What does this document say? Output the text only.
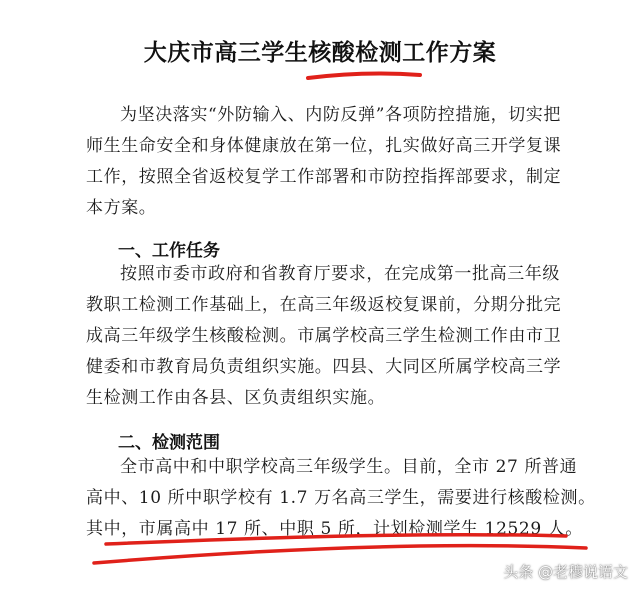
大庆市高三学生核酸检测工作方案
为坚决落实“外防输入、内防反弹”各项防控措施，切实把
师生生命安全和身体健康放在第一位，扎实做好高三开学复课
工作，按照全省返校复学工作部署和市防控指挥部要求，制定
本方案。
一、工作任务
按照市委市政府和省教育厅要求，在完成第一批高三年级
教职工检测工作基础上，在高三年级返校复课前，分期分批完
成高三年级学生核酸检测。市属学校高三学生检测工作由市卫
健委和市教育局负责组织实施。四县、大同区所属学校高三学
生检测工作由各县、区负责组织实施。
二、检测范围
全市高中和中职学校高三年级学生。目前，全市 27 所普通
高中、10 所中职学校有 1.7 万名高三学生，需要进行核酸检测。
其中，市属高中 17 所、中职 5 所，计划检测学生 12529 人。
头条 @老穆说语文
